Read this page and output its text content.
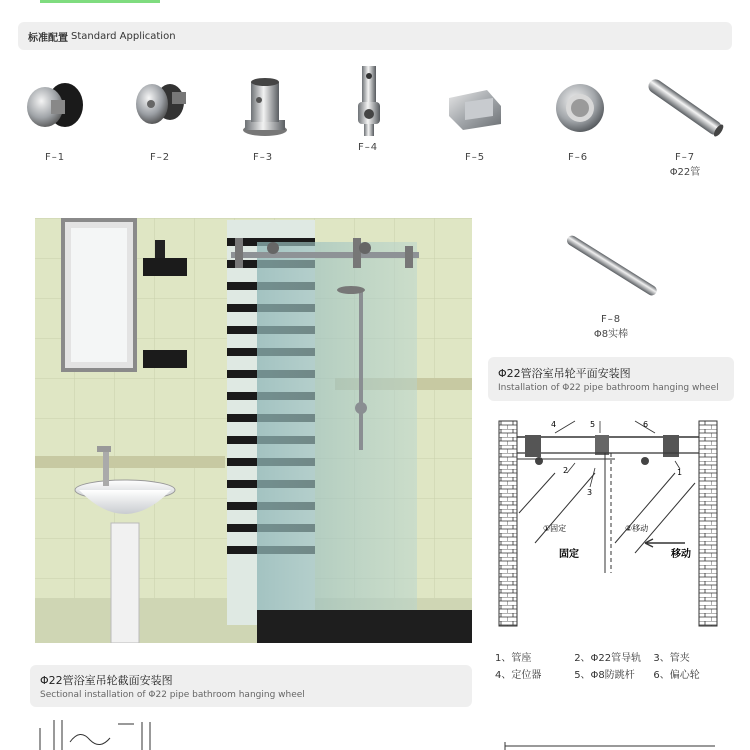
标准配置 Standard Application
F–1	F–2	F–3
F–4
F–5	F–6	F–7
Φ22管
F–8
Φ8实棒
Φ22管浴室吊轮平面安装图
Installation of Φ22 pipe bathroom hanging wheel
4	5	6
2
3
1
①固定	②移动
固定	移动
Φ22管浴室吊轮截面安装图
Sectional installation of Φ22 pipe bathroom hanging wheel
1、管座	2、Φ22管导轨 3、管夹
4、定位器	5、Φ8防跳杆 6、偏心轮
